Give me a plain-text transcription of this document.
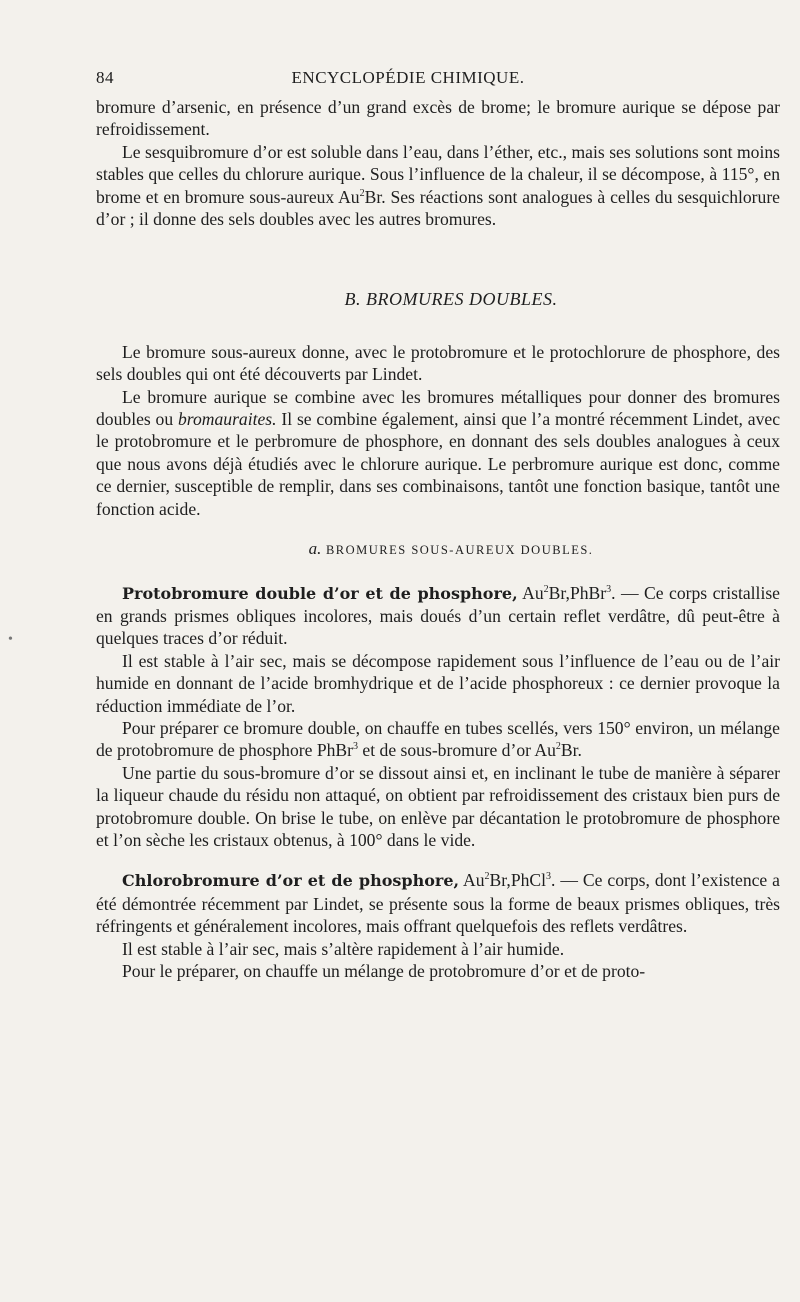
84	ENCYCLOPÉDIE CHIMIQUE.

bromure d’arsenic, en présence d’un grand excès de brome; le bromure aurique se dépose par refroidissement.

Le sesquibromure d’or est soluble dans l’eau, dans l’éther, etc., mais ses solutions sont moins stables que celles du chlorure aurique. Sous l’influence de la chaleur, il se décompose, à 115°, en brome et en bromure sous-aureux Au$^2$Br. Ses réactions sont analogues à celles du sesquichlorure d’or ; il donne des sels doubles avec les autres bromures.

B. BROMURES DOUBLES.

Le bromure sous-aureux donne, avec le protobromure et le protochlorure de phosphore, des sels doubles qui ont été découverts par Lindet.

Le bromure aurique se combine avec les bromures métalliques pour donner des bromures doubles ou bromauraites. Il se combine également, ainsi que l’a montré récemment Lindet, avec le protobromure et le perbromure de phosphore, en donnant des sels doubles analogues à ceux que nous avons déjà étudiés avec le chlorure aurique. Le perbromure aurique est donc, comme ce dernier, susceptible de remplir, dans ses combinaisons, tantôt une fonction basique, tantôt une fonction acide.

a. BROMURES SOUS-AUREUX DOUBLES.

Protobromure double d’or et de phosphore, Au$^2$Br,PhBr$^3$. — Ce corps cristallise en grands prismes obliques incolores, mais doués d’un certain reflet verdâtre, dû peut-être à quelques traces d’or réduit.

Il est stable à l’air sec, mais se décompose rapidement sous l’influence de l’eau ou de l’air humide en donnant de l’acide bromhydrique et de l’acide phosphoreux : ce dernier provoque la réduction immédiate de l’or.

Pour préparer ce bromure double, on chauffe en tubes scellés, vers 150° environ, un mélange de protobromure de phosphore PhBr$^3$ et de sous-bromure d’or Au$^2$Br.

Une partie du sous-bromure d’or se dissout ainsi et, en inclinant le tube de manière à séparer la liqueur chaude du résidu non attaqué, on obtient par refroidissement des cristaux bien purs de protobromure double. On brise le tube, on enlève par décantation le protobromure de phosphore et l’on sèche les cristaux obtenus, à 100° dans le vide.

Chlorobromure d’or et de phosphore, Au$^2$Br,PhCl$^3$. — Ce corps, dont l’existence a été démontrée récemment par Lindet, se présente sous la forme de beaux prismes obliques, très réfringents et généralement incolores, mais offrant quelquefois des reflets verdâtres.

Il est stable à l’air sec, mais s’altère rapidement à l’air humide.

Pour le préparer, on chauffe un mélange de protobromure d’or et de proto-

•
